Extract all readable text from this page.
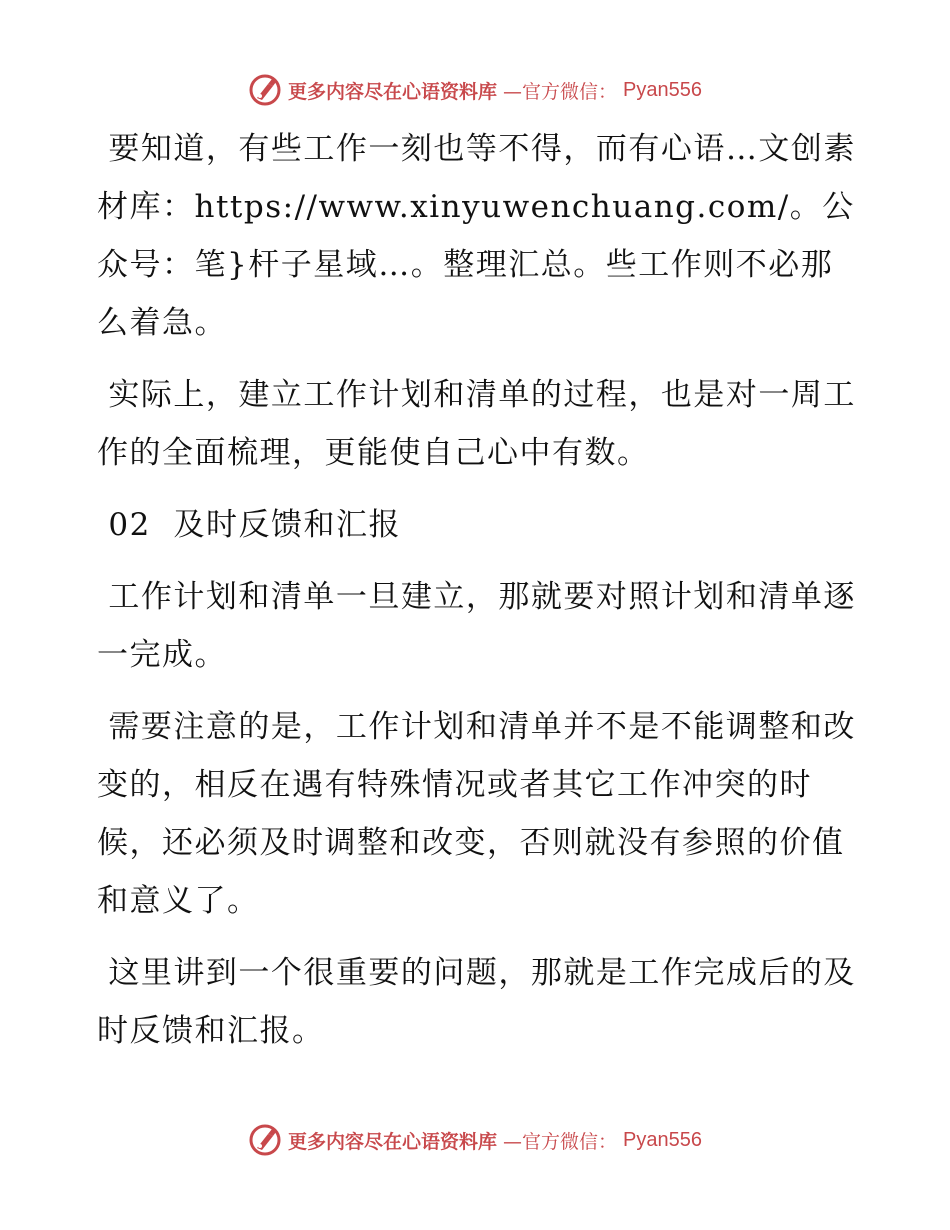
更多内容尽在心语资料库 —官方微信： Pyan556

要知道，有些工作一刻也等不得，而有心语…文创素材库：https://www.xinyuwenchuang.com/。公众号：笔}杆子星域…。整理汇总。些工作则不必那么着急。

实际上，建立工作计划和清单的过程，也是对一周工作的全面梳理，更能使自己心中有数。

02  及时反馈和汇报

工作计划和清单一旦建立，那就要对照计划和清单逐一完成。

需要注意的是，工作计划和清单并不是不能调整和改变的，相反在遇有特殊情况或者其它工作冲突的时候，还必须及时调整和改变，否则就没有参照的价值和意义了。

这里讲到一个很重要的问题，那就是工作完成后的及时反馈和汇报。

更多内容尽在心语资料库 —官方微信： Pyan556
